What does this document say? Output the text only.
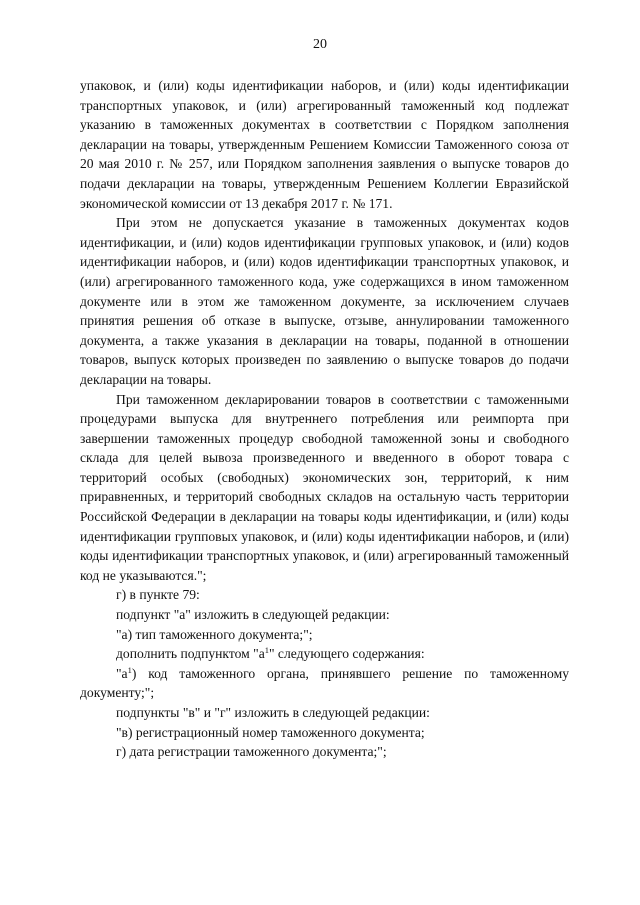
20

упаковок, и (или) коды идентификации наборов, и (или) коды идентификации транспортных упаковок, и (или) агрегированный таможенный код подлежат указанию в таможенных документах в соответствии с Порядком заполнения декларации на товары, утвержденным Решением Комиссии Таможенного союза от 20 мая 2010 г. № 257, или Порядком заполнения заявления о выпуске товаров до подачи декларации на товары, утвержденным Решением Коллегии Евразийской экономической комиссии от 13 декабря 2017 г. № 171.

При этом не допускается указание в таможенных документах кодов идентификации, и (или) кодов идентификации групповых упаковок, и (или) кодов идентификации наборов, и (или) кодов идентификации транспортных упаковок, и (или) агрегированного таможенного кода, уже содержащихся в ином таможенном документе или в этом же таможенном документе, за исключением случаев принятия решения об отказе в выпуске, отзыве, аннулировании таможенного документа, а также указания в декларации на товары, поданной в отношении товаров, выпуск которых произведен по заявлению о выпуске товаров до подачи декларации на товары.

При таможенном декларировании товаров в соответствии с таможенными процедурами выпуска для внутреннего потребления или реимпорта при завершении таможенных процедур свободной таможенной зоны и свободного склада для целей вывоза произведенного и введенного в оборот товара с территорий особых (свободных) экономических зон, территорий, к ним приравненных, и территорий свободных складов на остальную часть территории Российской Федерации в декларации на товары коды идентификации, и (или) коды идентификации групповых упаковок, и (или) коды идентификации наборов, и (или) коды идентификации транспортных упаковок, и (или) агрегированный таможенный код не указываются.";

г) в пункте 79:

подпункт "а" изложить в следующей редакции:

"а) тип таможенного документа;";

дополнить подпунктом "$а^1$" следующего содержания:

"$а^1$) код таможенного органа, принявшего решение по таможенному документу;";

подпункты "в" и "г" изложить в следующей редакции:

"в) регистрационный номер таможенного документа;

г) дата регистрации таможенного документа;";
